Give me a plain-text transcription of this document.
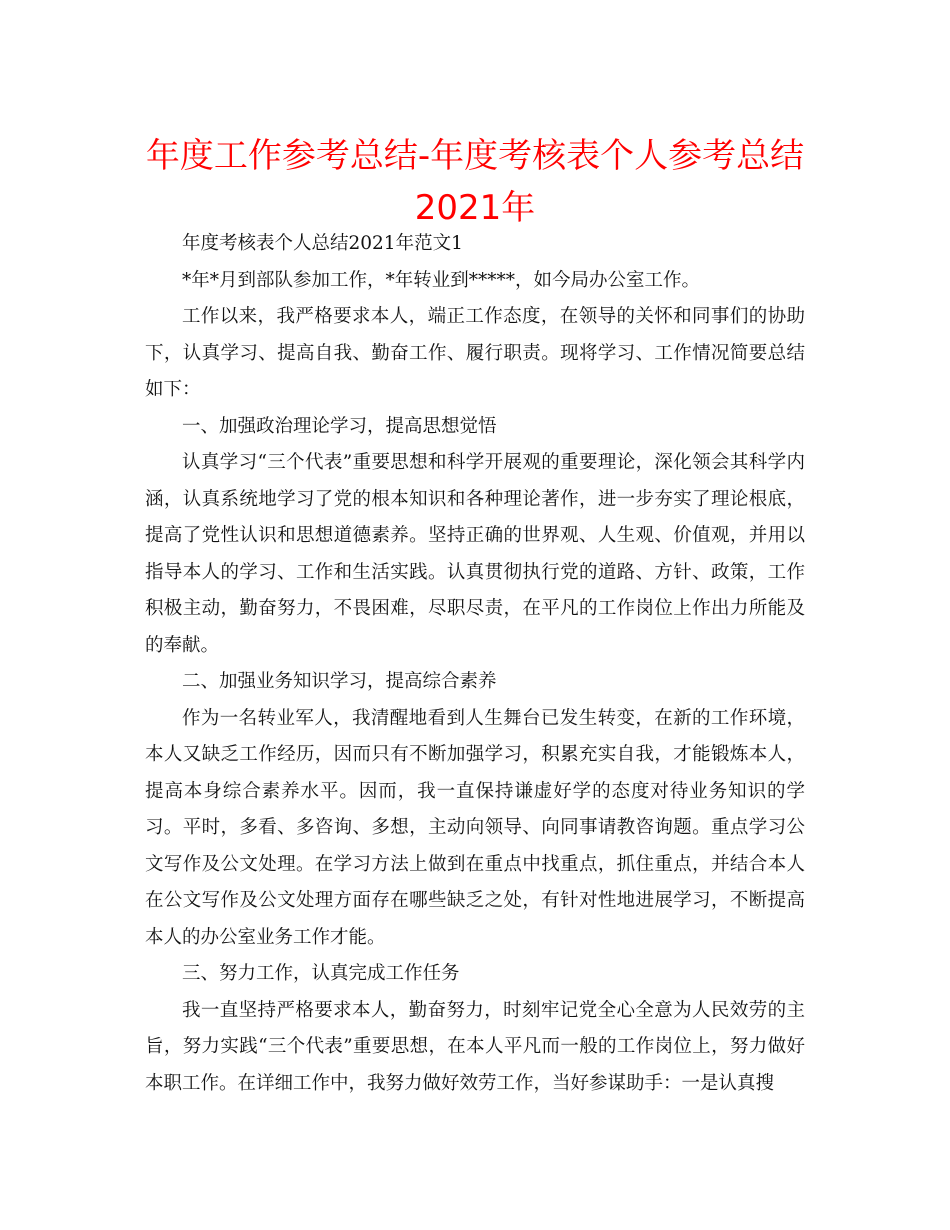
年度工作参考总结-年度考核表个人参考总结
2021年

年度考核表个人总结2021年范文1

*年*月到部队参加工作，*年转业到*****，如今局办公室工作。

工作以来，我严格要求本人，端正工作态度，在领导的关怀和同事们的协助下，认真学习、提高自我、勤奋工作、履行职责。现将学习、工作情况简要总结如下：

一、加强政治理论学习，提高思想觉悟

认真学习“三个代表”重要思想和科学开展观的重要理论，深化领会其科学内涵，认真系统地学习了党的根本知识和各种理论著作，进一步夯实了理论根底，提高了党性认识和思想道德素养。坚持正确的世界观、人生观、价值观，并用以指导本人的学习、工作和生活实践。认真贯彻执行党的道路、方针、政策，工作积极主动，勤奋努力，不畏困难，尽职尽责，在平凡的工作岗位上作出力所能及的奉献。

二、加强业务知识学习，提高综合素养

作为一名转业军人，我清醒地看到人生舞台已发生转变，在新的工作环境，本人又缺乏工作经历，因而只有不断加强学习，积累充实自我，才能锻炼本人，提高本身综合素养水平。因而，我一直保持谦虚好学的态度对待业务知识的学习。平时，多看、多咨询、多想，主动向领导、向同事请教咨询题。重点学习公文写作及公文处理。在学习方法上做到在重点中找重点，抓住重点，并结合本人在公文写作及公文处理方面存在哪些缺乏之处，有针对性地进展学习，不断提高本人的办公室业务工作才能。

三、努力工作，认真完成工作任务

我一直坚持严格要求本人，勤奋努力，时刻牢记党全心全意为人民效劳的主旨，努力实践“三个代表”重要思想，在本人平凡而一般的工作岗位上，努力做好本职工作。在详细工作中，我努力做好效劳工作，当好参谋助手：一是认真搜
